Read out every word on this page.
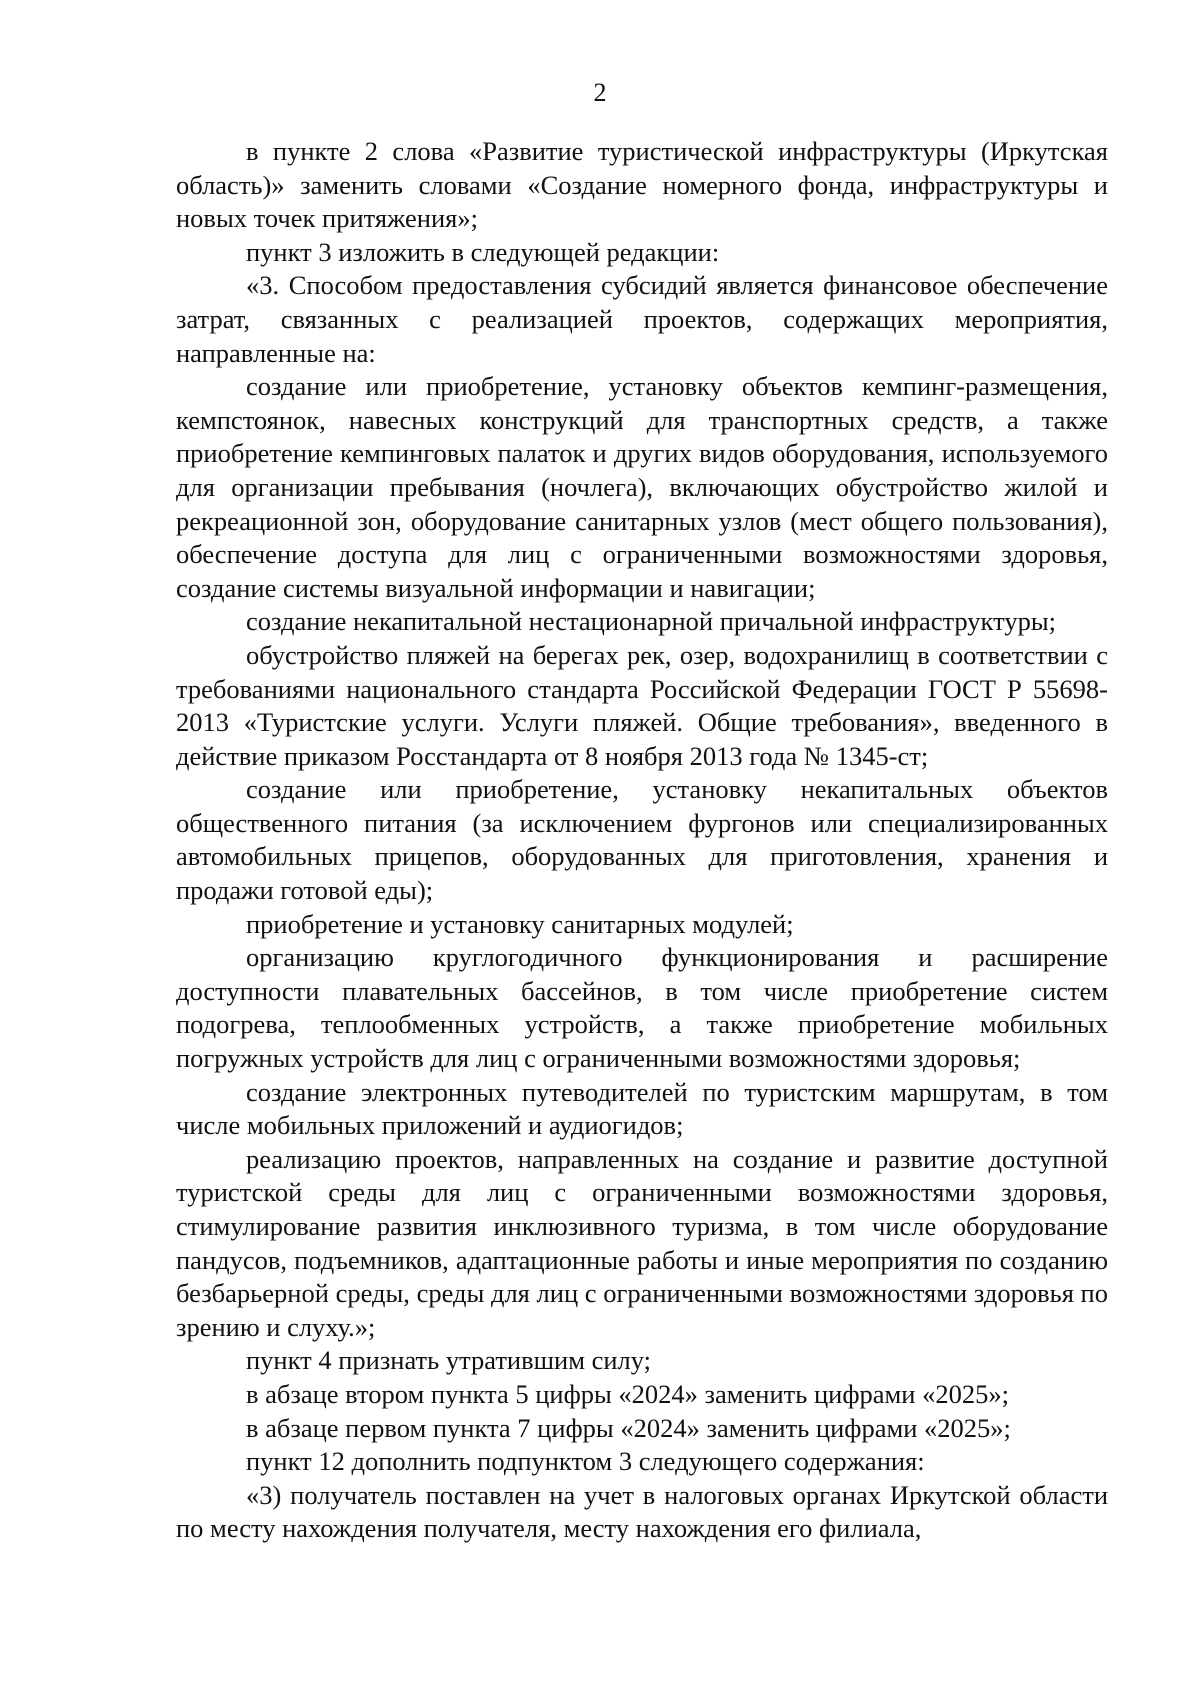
2

в пункте 2 слова «Развитие туристической инфраструктуры (Иркутская область)» заменить словами «Создание номерного фонда, инфраструктуры и новых точек притяжения»;

пункт 3 изложить в следующей редакции:

«3. Способом предоставления субсидий является финансовое обеспечение затрат, связанных с реализацией проектов, содержащих мероприятия, направленные на:

создание или приобретение, установку объектов кемпинг-размещения, кемпстоянок, навесных конструкций для транспортных средств, а также приобретение кемпинговых палаток и других видов оборудования, используемого для организации пребывания (ночлега), включающих обустройство жилой и рекреационной зон, оборудование санитарных узлов (мест общего пользования), обеспечение доступа для лиц с ограниченными возможностями здоровья, создание системы визуальной информации и навигации;

создание некапитальной нестационарной причальной инфраструктуры;

обустройство пляжей на берегах рек, озер, водохранилищ в соответствии с требованиями национального стандарта Российской Федерации ГОСТ Р 55698-2013 «Туристские услуги. Услуги пляжей. Общие требования», введенного в действие приказом Росстандарта от 8 ноября 2013 года № 1345-ст;

создание или приобретение, установку некапитальных объектов общественного питания (за исключением фургонов или специализированных автомобильных прицепов, оборудованных для приготовления, хранения и продажи готовой еды);

приобретение и установку санитарных модулей;

организацию круглогодичного функционирования и расширение доступности плавательных бассейнов, в том числе приобретение систем подогрева, теплообменных устройств, а также приобретение мобильных погружных устройств для лиц с ограниченными возможностями здоровья;

создание электронных путеводителей по туристским маршрутам, в том числе мобильных приложений и аудиогидов;

реализацию проектов, направленных на создание и развитие доступной туристской среды для лиц с ограниченными возможностями здоровья, стимулирование развития инклюзивного туризма, в том числе оборудование пандусов, подъемников, адаптационные работы и иные мероприятия по созданию безбарьерной среды, среды для лиц с ограниченными возможностями здоровья по зрению и слуху.»;

пункт 4 признать утратившим силу;

в абзаце втором пункта 5 цифры «2024» заменить цифрами «2025»;

в абзаце первом пункта 7 цифры «2024» заменить цифрами «2025»;

пункт 12 дополнить подпунктом 3 следующего содержания:

«3) получатель поставлен на учет в налоговых органах Иркутской области по месту нахождения получателя, месту нахождения его филиала,
